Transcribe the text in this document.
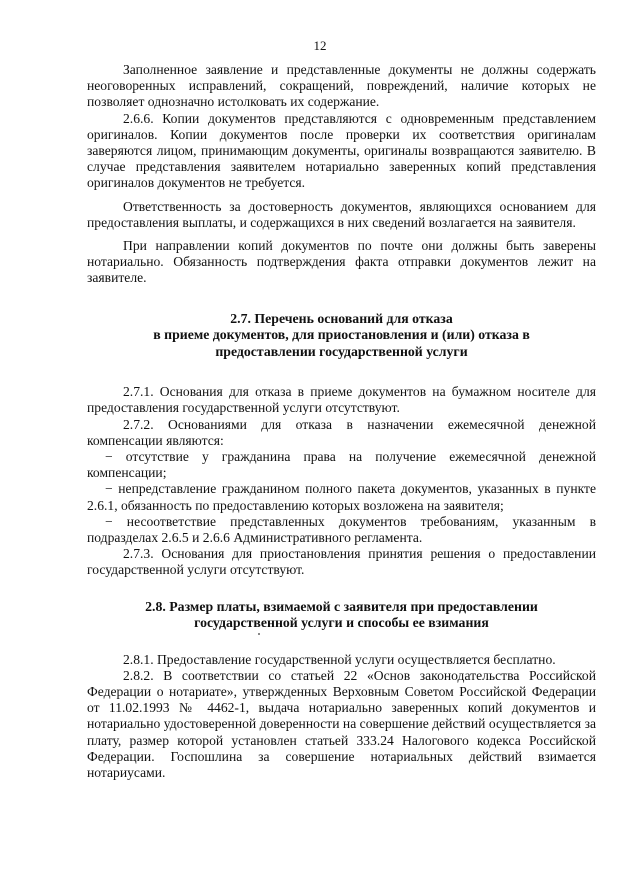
12

Заполненное заявление и представленные документы не должны содержать неоговоренных исправлений, сокращений, повреждений, наличие которых не позволяет однозначно истолковать их содержание.

2.6.6. Копии документов представляются с одновременным представлением оригиналов. Копии документов после проверки их соответствия оригиналам заверяются лицом, принимающим документы, оригиналы возвращаются заявителю. В случае представления заявителем нотариально заверенных копий представления оригиналов документов не требуется.

Ответственность за достоверность документов, являющихся основанием для предоставления выплаты, и содержащихся в них сведений возлагается на заявителя.

При направлении копий документов по почте они должны быть заверены нотариально. Обязанность подтверждения факта отправки документов лежит на заявителе.

2.7. Перечень оснований для отказа
в приеме документов, для приостановления и (или) отказа в
предоставлении государственной услуги

2.7.1. Основания для отказа в приеме документов на бумажном носителе для предоставления государственной услуги отсутствуют.

2.7.2. Основаниями для отказа в назначении ежемесячной денежной компенсации являются:

− отсутствие у гражданина права на получение ежемесячной денежной компенсации;

− непредставление гражданином полного пакета документов, указанных в пункте 2.6.1, обязанность по предоставлению которых возложена на заявителя;

− несоответствие представленных документов требованиям, указанным в подразделах 2.6.5 и 2.6.6 Административного регламента.

2.7.3. Основания для приостановления принятия решения о предоставлении государственной услуги отсутствуют.

2.8. Размер платы, взимаемой с заявителя при предоставлении
государственной услуги и способы ее взимания

2.8.1. Предоставление государственной услуги осуществляется бесплатно.

2.8.2. В соответствии со статьей 22 «Основ законодательства Российской Федерации о нотариате», утвержденных Верховным Советом Российской Федерации от 11.02.1993 № 4462-1, выдача нотариально заверенных копий документов и нотариально удостоверенной доверенности на совершение действий осуществляется за плату, размер которой установлен статьей 333.24 Налогового кодекса Российской Федерации. Госпошлина за совершение нотариальных действий взимается нотариусами.
